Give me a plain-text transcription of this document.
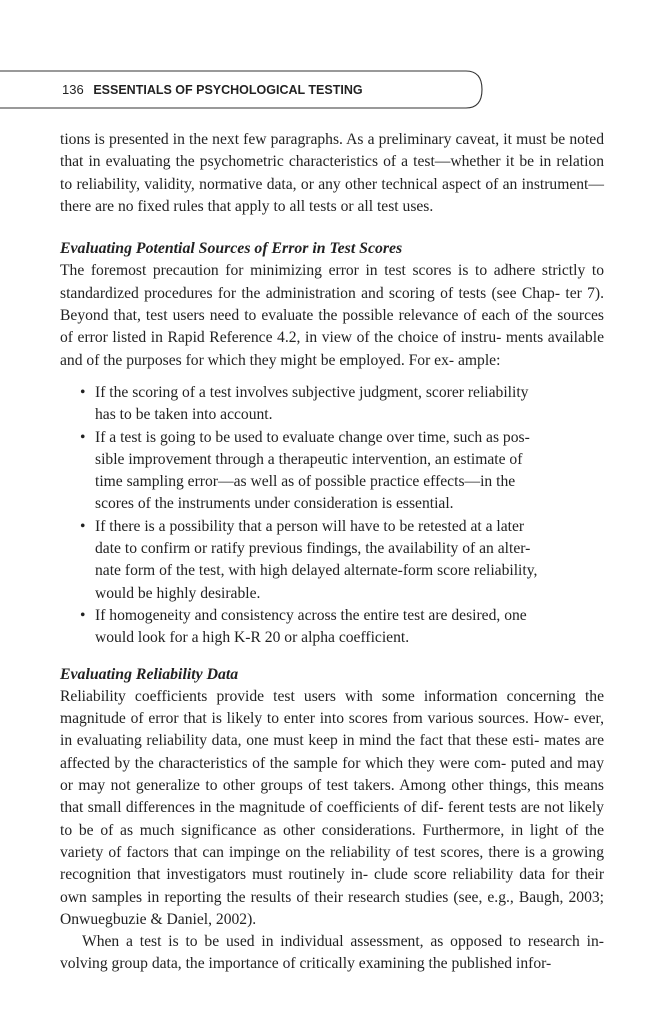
136 ESSENTIALS OF PSYCHOLOGICAL TESTING

tions is presented in the next few paragraphs. As a preliminary caveat, it must be noted that in evaluating the psychometric characteristics of a test—whether it be in relation to reliability, validity, normative data, or any other technical aspect of an instrument—there are no fixed rules that apply to all tests or all test uses.

Evaluating Potential Sources of Error in Test Scores

The foremost precaution for minimizing error in test scores is to adhere strictly to standardized procedures for the administration and scoring of tests (see Chap- ter 7). Beyond that, test users need to evaluate the possible relevance of each of the sources of error listed in Rapid Reference 4.2, in view of the choice of instru- ments available and of the purposes for which they might be employed. For ex- ample:

• If the scoring of a test involves subjective judgment, scorer reliability
has to be taken into account.
• If a test is going to be used to evaluate change over time, such as pos-
sible improvement through a therapeutic intervention, an estimate of
time sampling error—as well as of possible practice effects—in the
scores of the instruments under consideration is essential.
• If there is a possibility that a person will have to be retested at a later
date to confirm or ratify previous findings, the availability of an alter-
nate form of the test, with high delayed alternate-form score reliability,
would be highly desirable.
• If homogeneity and consistency across the entire test are desired, one
would look for a high K-R 20 or alpha coefficient.
Evaluating Reliability Data

Reliability coefficients provide test users with some information concerning the magnitude of error that is likely to enter into scores from various sources. How- ever, in evaluating reliability data, one must keep in mind the fact that these esti- mates are affected by the characteristics of the sample for which they were com- puted and may or may not generalize to other groups of test takers. Among other things, this means that small differences in the magnitude of coefficients of dif- ferent tests are not likely to be of as much significance as other considerations. Furthermore, in light of the variety of factors that can impinge on the reliability of test scores, there is a growing recognition that investigators must routinely in- clude score reliability data for their own samples in reporting the results of their research studies (see, e.g., Baugh, 2003; Onwuegbuzie & Daniel, 2002).

When a test is to be used in individual assessment, as opposed to research in- volving group data, the importance of critically examining the published infor-
